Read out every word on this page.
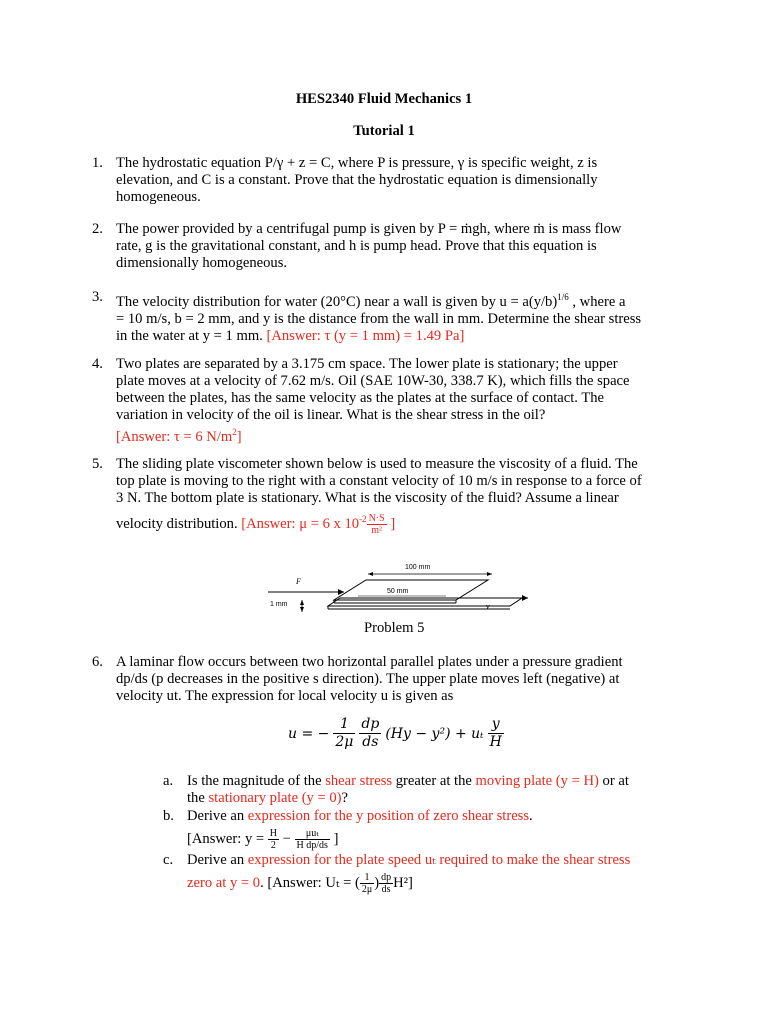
HES2340 Fluid Mechanics 1
Tutorial 1
1. The hydrostatic equation P/γ + z = C, where P is pressure, γ is specific weight, z is
elevation, and C is a constant. Prove that the hydrostatic equation is dimensionally
homogeneous.
2. The power provided by a centrifugal pump is given by P = ṁgh, where ṁ is mass flow
rate, g is the gravitational constant, and h is pump head. Prove that this equation is
dimensionally homogeneous.
3. The velocity distribution for water (20°C) near a wall is given by $u = a(y/b)^{1/6}$ , where a
= 10 m/s, b = 2 mm, and y is the distance from the wall in mm. Determine the shear stress
in the water at y = 1 mm. [Answer: τ (y = 1 mm) = 1.49 Pa]
4. Two plates are separated by a 3.175 cm space. The lower plate is stationary; the upper
plate moves at a velocity of 7.62 m/s. Oil (SAE 10W-30, 338.7 K), which fills the space
between the plates, has the same velocity as the plates at the surface of contact. The
variation in velocity of the oil is linear. What is the shear stress in the oil?
[Answer: τ = 6 $N/m^2$]
5. The sliding plate viscometer shown below is used to measure the viscosity of a fluid. The
top plate is moving to the right with a constant velocity of 10 m/s in response to a force of
3 N. The bottom plate is stationary. What is the viscosity of the fluid? Assume a linear
velocity distribution. [Answer: μ = 6 x $10^{-2} \frac{N\cdot S}{\text{m²}}$ ]
100 mm
50 mm
1 mm
F
v
Problem 5
6. A laminar flow occurs between two horizontal parallel plates under a pressure gradient
dp/ds (p decreases in the positive s direction). The upper plate moves left (negative) at
velocity ut. The expression for local velocity u is given as
u = − $\frac{1}{2\mu} \frac{dp}{ds} (Hy - y^2) + u_t \frac{y}{H}$
a. Is the magnitude of the shear stress greater at the moving plate (y = H) or at
the stationary plate (y = 0)?
b. Derive an expression for the y position of zero shear stress.
[Answer: $y = \frac{H}{2} - \frac{\text{μuₜ}}{\text{H dp/ds}}$ ]
c. Derive an expression for the plate speed uₜ required to make the shear stress
zero at y = 0. [Answer: Uₜ = ( $\frac{1}{2\mu}$ ) $\frac{dp}{ds} H^2$]
